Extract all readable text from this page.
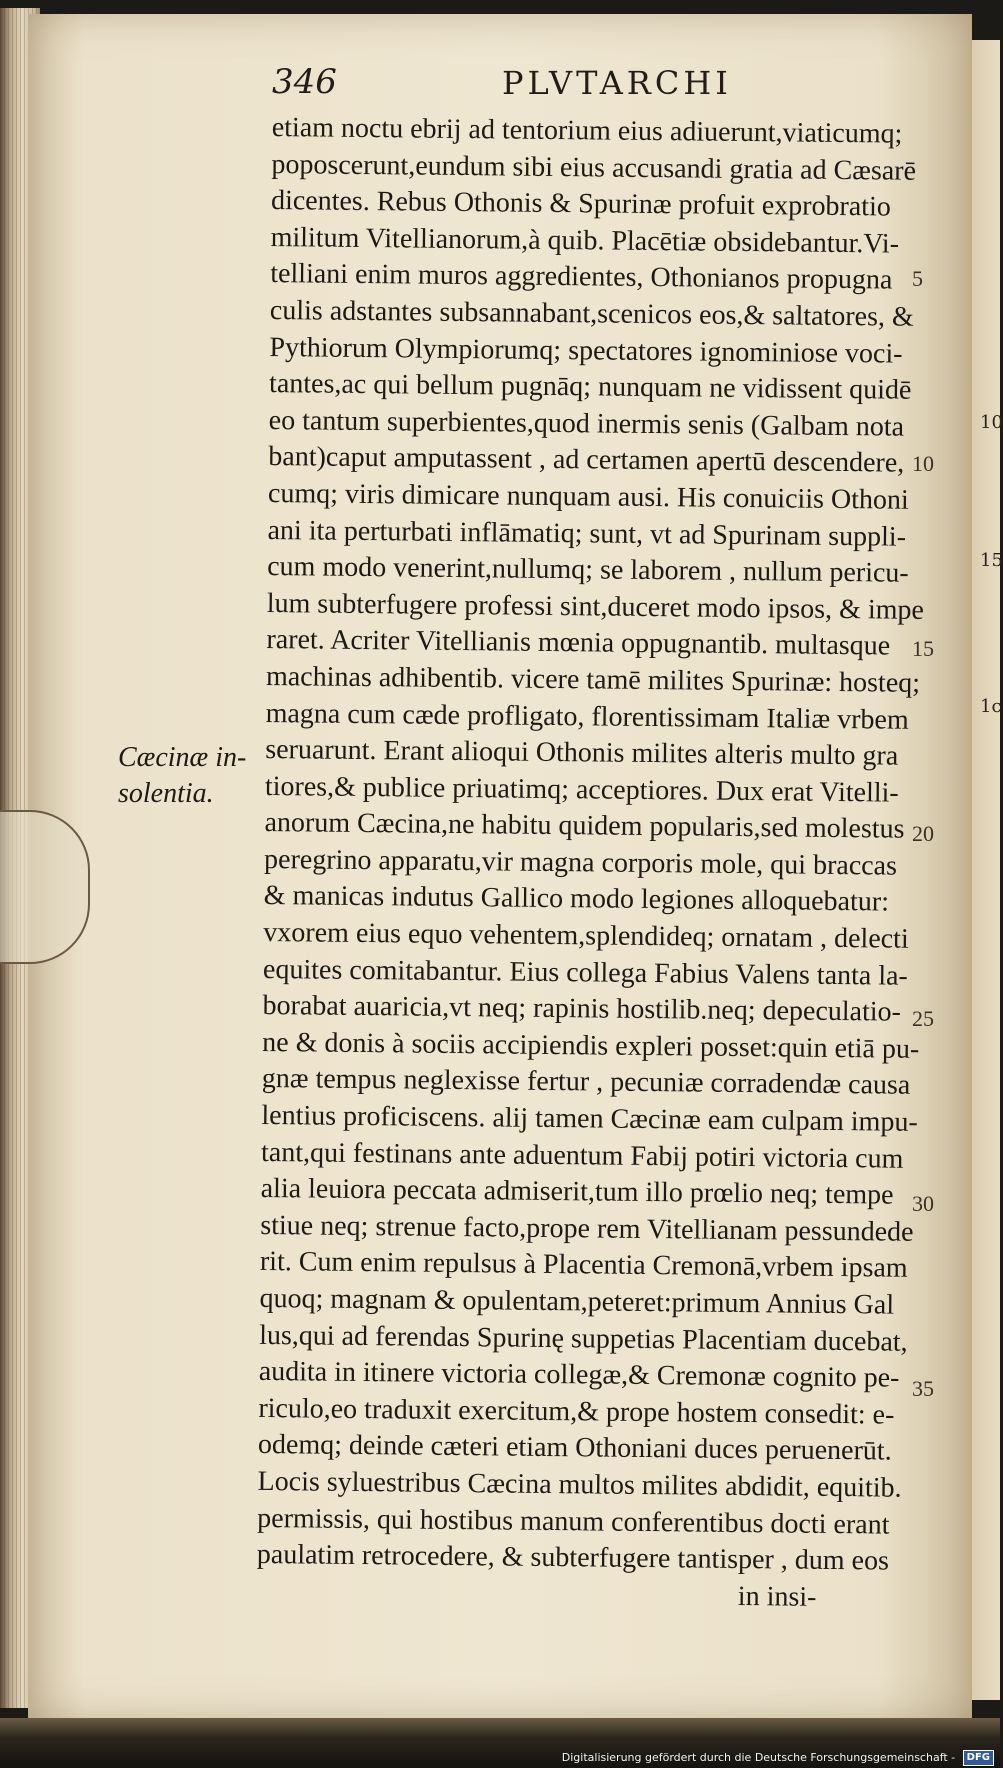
10
15
1c
346	PLVTARCHI
Cæcinæ in-
solentia.
etiam noctu ebrij ad tentorium eius adiuerunt,viaticumq;
poposcerunt,eundum sibi eius accusandi gratia ad Cæsarē
dicentes. Rebus Othonis & Spurinæ profuit exprobratio
militum Vitellianorum,à quib. Placētiæ obsidebantur.Vi-
telliani enim muros aggredientes, Othonianos propugna
culis adstantes subsannabant,scenicos eos,& saltatores, &
Pythiorum Olympiorumq; spectatores ignominiose voci-
tantes,ac qui bellum pugnāq; nunquam ne vidissent quidē
eo tantum superbientes,quod inermis senis (Galbam nota
bant)caput amputassent , ad certamen apertū descendere,
cumq; viris dimicare nunquam ausi. His conuiciis Othoni
ani ita perturbati inflāmatiq; sunt, vt ad Spurinam suppli-
cum modo venerint,nullumq; se laborem , nullum pericu-
lum subterfugere professi sint,duceret modo ipsos, & impe
raret. Acriter Vitellianis mœnia oppugnantib. multasque
machinas adhibentib. vicere tamē milites Spurinæ: hosteq;
magna cum cæde profligato, florentissimam Italiæ vrbem
seruarunt. Erant alioqui Othonis milites alteris multo gra
tiores,& publice priuatimq; acceptiores. Dux erat Vitelli-
anorum Cæcina,ne habitu quidem popularis,sed molestus
peregrino apparatu,vir magna corporis mole, qui braccas
& manicas indutus Gallico modo legiones alloquebatur:
vxorem eius equo vehentem,splendideq; ornatam , delecti
equites comitabantur. Eius collega Fabius Valens tanta la-
borabat auaricia,vt neq; rapinis hostilib.neq; depeculatio-
ne & donis à sociis accipiendis expleri posset:quin etiā pu-
gnæ tempus neglexisse fertur , pecuniæ corradendæ causa
lentius proficiscens. alij tamen Cæcinæ eam culpam impu-
tant,qui festinans ante aduentum Fabij potiri victoria cum
alia leuiora peccata admiserit,tum illo prœlio neq; tempe
stiue neq; strenue facto,prope rem Vitellianam pessundede
rit. Cum enim repulsus à Placentia Cremonā,vrbem ipsam
quoq; magnam & opulentam,peteret:primum Annius Gal
lus,qui ad ferendas Spurinę suppetias Placentiam ducebat,
audita in itinere victoria collegæ,& Cremonæ cognito pe-
riculo,eo traduxit exercitum,& prope hostem consedit: e-
odemq; deinde cæteri etiam Othoniani duces peruenerūt.
Locis syluestribus Cæcina multos milites abdidit, equitib.
permissis, qui hostibus manum conferentibus docti erant
paulatim retrocedere, & subterfugere tantisper , dum eos
in insi-
5
10
15
20
25
30
35
Digitalisierung gefördert durch die Deutsche Forschungsgemeinschaft - DFG
